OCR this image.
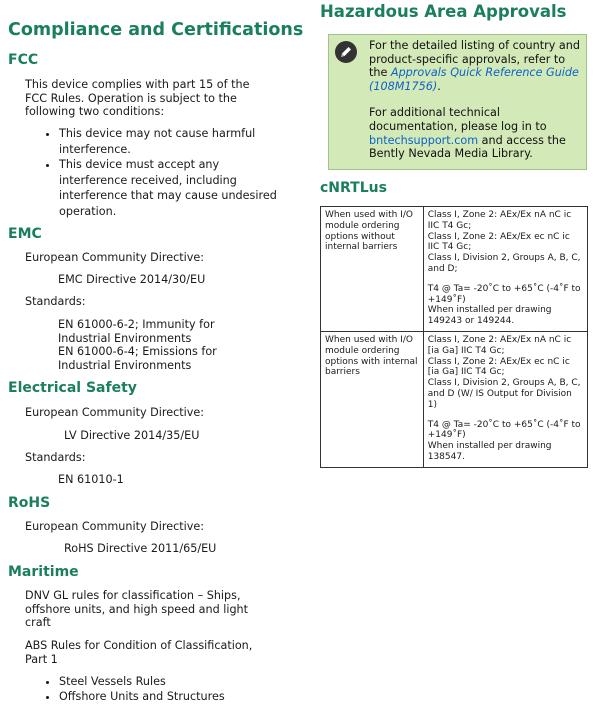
Compliance and Certifications
FCC
This device complies with part 15 of the FCC Rules. Operation is subject to the following two conditions:
• This device may not cause harmful interference.
• This device must accept any interference received, including interference that may cause undesired operation.
EMC
European Community Directive:
EMC Directive 2014/30/EU
Standards:
EN 61000-6-2; Immunity for Industrial Environments
EN 61000-6-4; Emissions for Industrial Environments
Electrical Safety
European Community Directive:
LV Directive 2014/35/EU
Standards:
EN 61010-1
RoHS
European Community Directive:
RoHS Directive 2011/65/EU
Maritime
DNV GL rules for classification – Ships, offshore units, and high speed and light craft
ABS Rules for Condition of Classification, Part 1
• Steel Vessels Rules
• Offshore Units and Structures
Hazardous Area Approvals

For the detailed listing of country and product-specific approvals, refer to the Approvals Quick Reference Guide (108M1756).

For additional technical documentation, please log in to bntechsupport.com and access the Bently Nevada Media Library.

cNRTLus
When used with I/O module ordering options without internal barriers	Class I, Zone 2: AEx/Ex nA nC ic IIC T4 Gc;
Class I, Zone 2: AEx/Ex ec nC ic IIC T4 Gc;
Class I, Division 2, Groups A, B, C, and D;
T4 @ Ta= -20˚C to +65˚C (-4˚F to +149˚F)
When installed per drawing 149243 or 149244.

When used with I/O module ordering options with internal barriers	Class I, Zone 2: AEx/Ex nA nC ic [ia Ga] IIC T4 Gc;
Class I, Zone 2: AEx/Ex ec nC ic [ia Ga] IIC T4 Gc;
Class I, Division 2, Groups A, B, C, and D (W/ IS Output for Division 1)
T4 @ Ta= -20˚C to +65˚C (-4˚F to +149˚F)
When installed per drawing 138547.
